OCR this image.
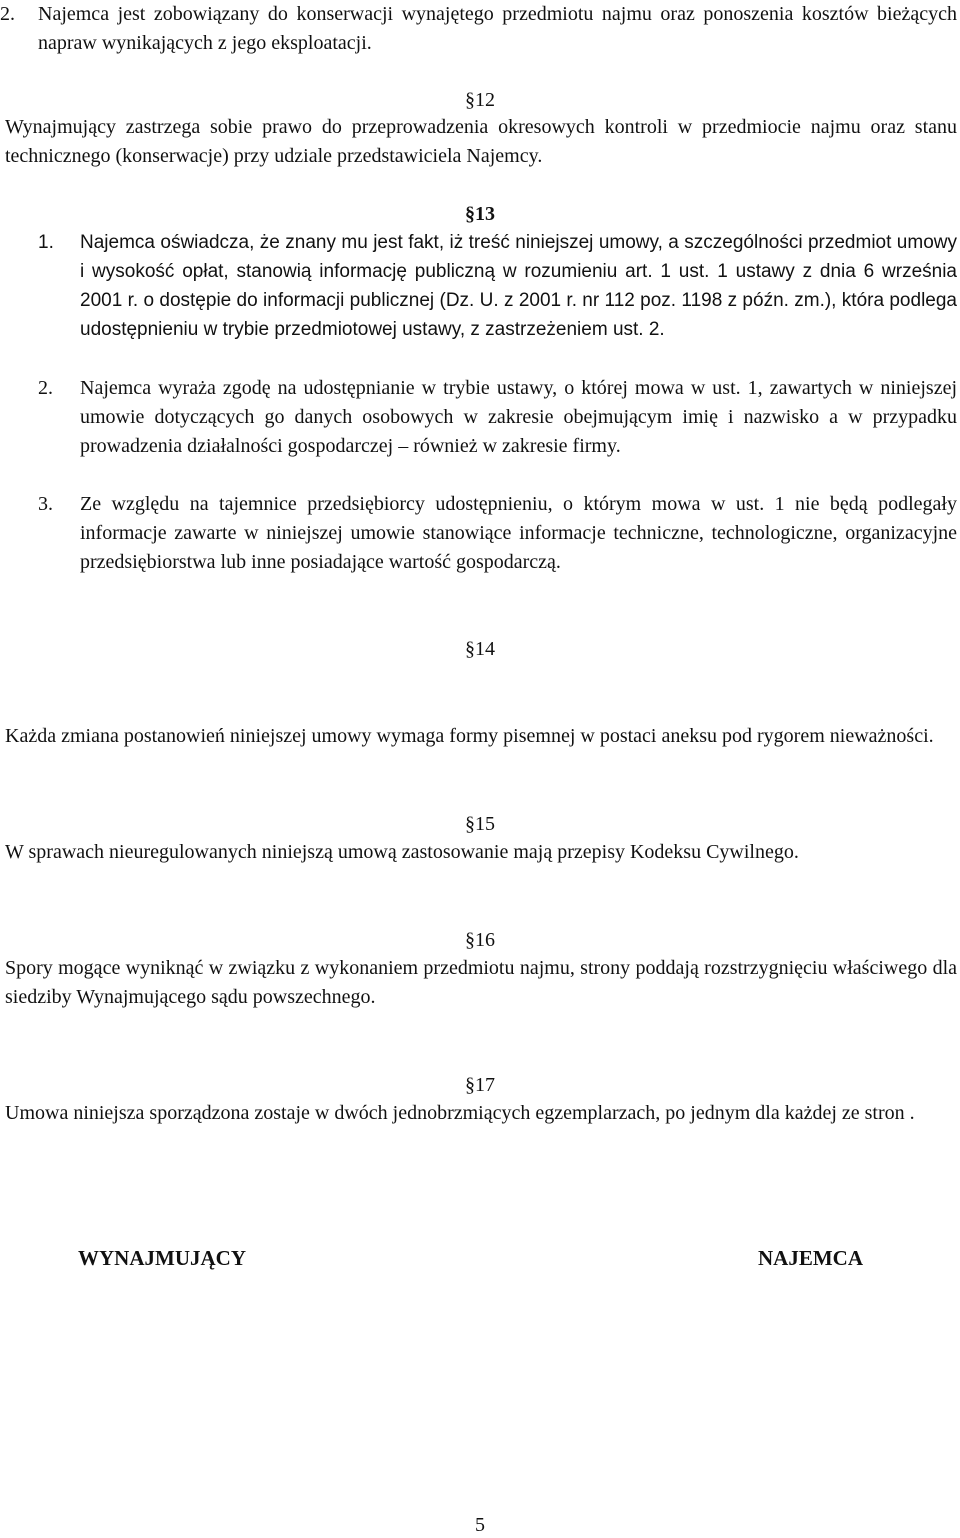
2.	Najemca jest zobowiązany do konserwacji wynajętego przedmiotu najmu oraz ponoszenia kosztów bieżących napraw wynikających z jego eksploatacji.
§12
Wynajmujący zastrzega sobie prawo do przeprowadzenia okresowych kontroli w przedmiocie najmu oraz stanu technicznego (konserwacje) przy udziale przedstawiciela Najemcy.
§13
1.	Najemca oświadcza, że znany mu jest fakt, iż treść niniejszej umowy, a szczególności przedmiot umowy i wysokość opłat, stanowią informację publiczną w rozumieniu art. 1 ust. 1 ustawy z dnia 6 września 2001 r. o dostępie do informacji publicznej (Dz. U. z 2001 r. nr 112 poz. 1198 z późn. zm.), która podlega udostępnieniu w trybie przedmiotowej ustawy, z zastrzeżeniem ust. 2.
2.	Najemca wyraża zgodę na udostępnianie w trybie ustawy, o której mowa w ust. 1, zawartych w niniejszej umowie dotyczących go danych osobowych w zakresie obejmującym imię i nazwisko a w przypadku prowadzenia działalności gospodarczej – również w zakresie firmy.
3.	Ze względu na tajemnice przedsiębiorcy udostępnieniu, o którym mowa w ust. 1 nie będą podlegały informacje zawarte w niniejszej umowie stanowiące informacje techniczne, technologiczne, organizacyjne przedsiębiorstwa lub inne posiadające wartość gospodarczą.
§14
Każda zmiana postanowień niniejszej umowy wymaga formy pisemnej w postaci aneksu pod rygorem nieważności.
§15
W sprawach nieuregulowanych niniejszą umową zastosowanie mają przepisy Kodeksu Cywilnego.
§16
Spory mogące wyniknąć w związku z wykonaniem przedmiotu najmu, strony poddają rozstrzygnięciu właściwego dla siedziby Wynajmującego sądu powszechnego.
§17
Umowa niniejsza sporządzona zostaje w dwóch jednobrzmiących egzemplarzach, po jednym dla każdej ze stron .
WYNAJMUJĄCY	NAJEMCA
5
